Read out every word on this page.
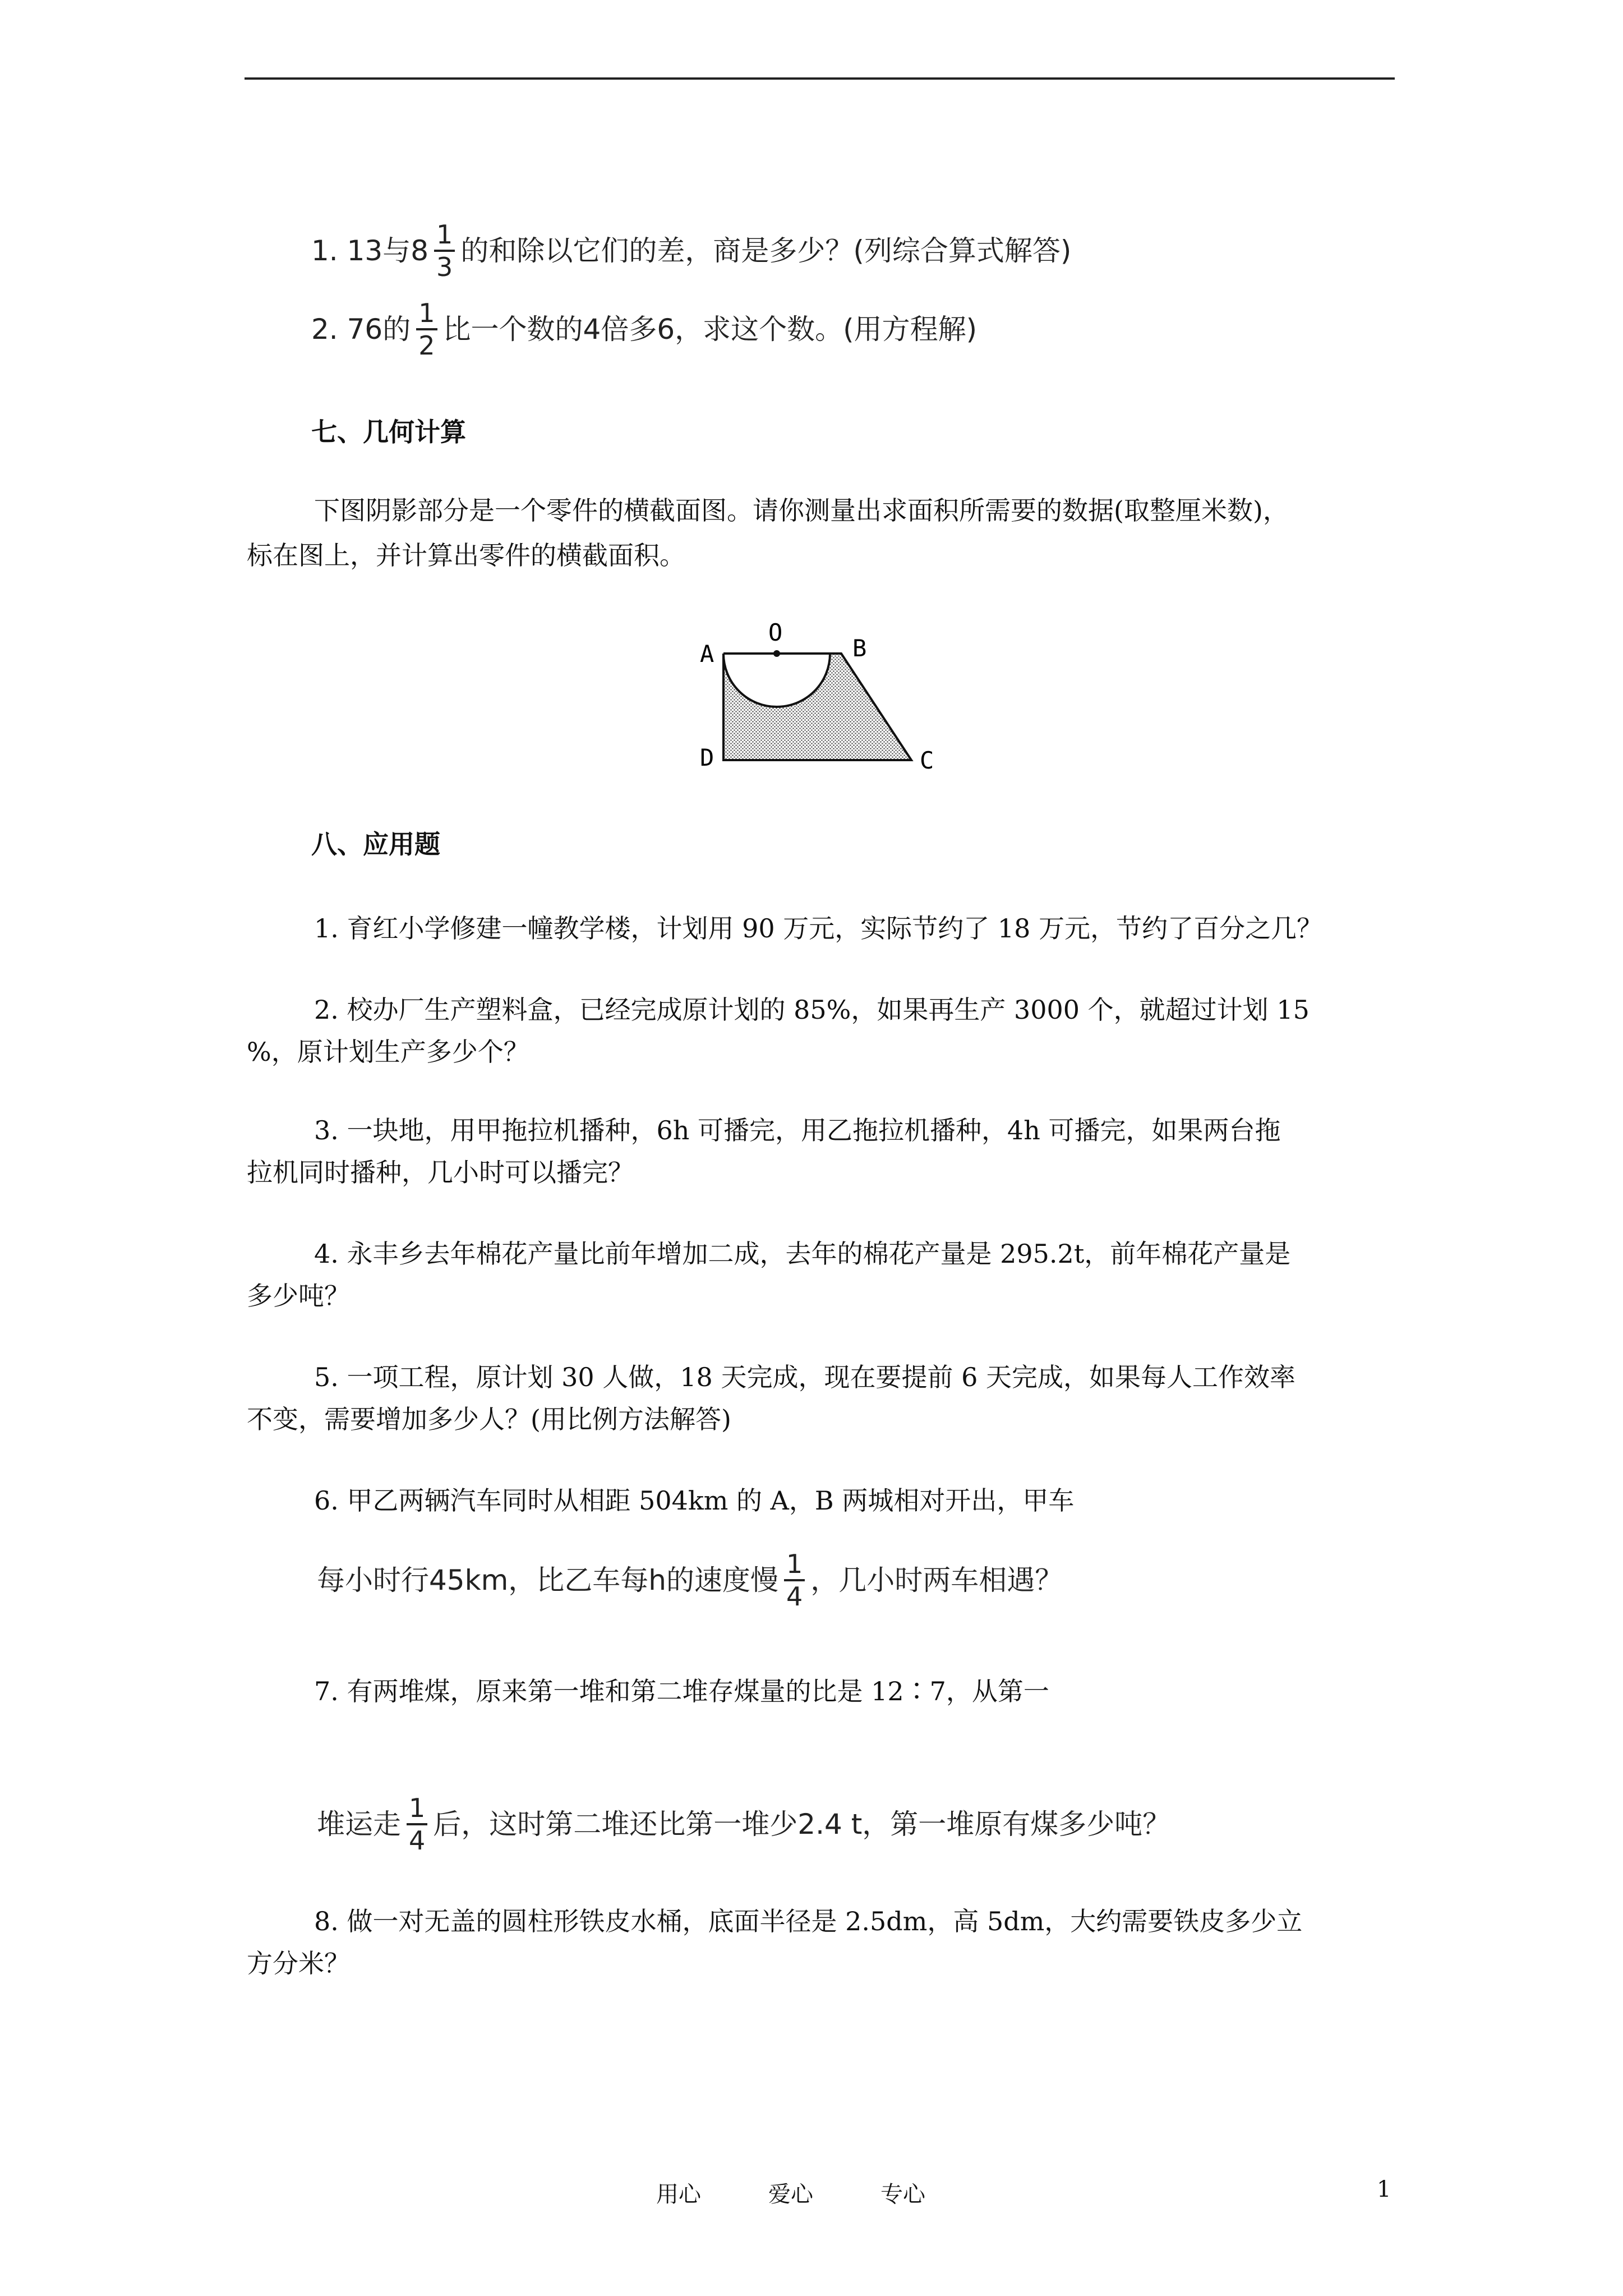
1. 13与$8 \frac{1}{3}$ 的和除以它们的差，商是多少？(列综合算式解答)
2. 76的 $\frac{1}{2}$ 比一个数的4倍多6，求这个数。(用方程解)
七、几何计算
下图阴影部分是一个零件的横截面图。请你测量出求面积所需要的数据(取整厘米数)，
标在图上，并计算出零件的横截面积。
A
O
B
C
D
八、应用题
1. 育红小学修建一幢教学楼，计划用 90 万元，实际节约了 18 万元，节约了百分之几？
2. 校办厂生产塑料盒，已经完成原计划的 85%，如果再生产 3000 个，就超过计划 15
%，原计划生产多少个？
3. 一块地，用甲拖拉机播种，6h 可播完，用乙拖拉机播种，4h 可播完，如果两台拖
拉机同时播种，几小时可以播完？
4. 永丰乡去年棉花产量比前年增加二成，去年的棉花产量是 295.2t，前年棉花产量是
多少吨？
5. 一项工程，原计划 30 人做，18 天完成，现在要提前 6 天完成，如果每人工作效率
不变，需要增加多少人？(用比例方法解答)
6. 甲乙两辆汽车同时从相距 504km 的 A，B 两城相对开出，甲车
每小时行45km，比乙车每h的速度慢 $\frac{1}{4}$ ，几小时两车相遇？
7. 有两堆煤，原来第一堆和第二堆存煤量的比是 12∶7，从第一
堆运走 $\frac{1}{4}$ 后，这时第二堆还比第一堆少2.4 t，第一堆原有煤多少吨？
8. 做一对无盖的圆柱形铁皮水桶，底面半径是 2.5dm，高 5dm，大约需要铁皮多少立
方分米？
用心	爱心	专心	1
